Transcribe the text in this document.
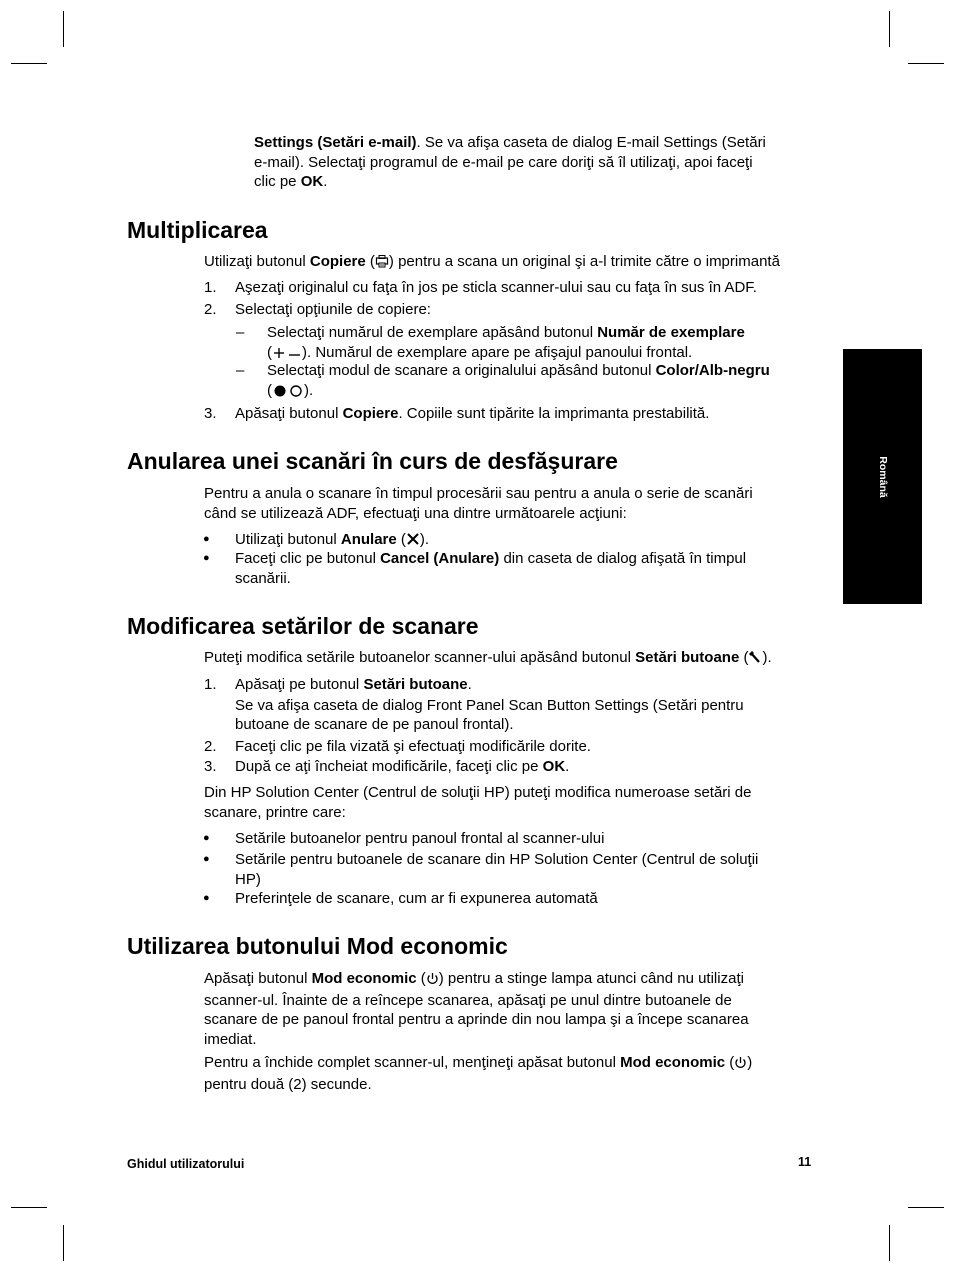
Settings (Setări e-mail). Se va afişa caseta de dialog E-mail Settings (Setări
e-mail). Selectaţi programul de e-mail pe care doriţi să îl utilizaţi, apoi faceţi
clic pe OK.
Multiplicarea
Utilizaţi butonul Copiere ( ) pentru a scana un original şi a-l trimite către o imprimantă
1. Aşezaţi originalul cu faţa în jos pe sticla scanner-ului sau cu faţa în sus în ADF.
2. Selectaţi opţiunile de copiere:
– Selectaţi numărul de exemplare apăsând butonul Număr de exemplare
( ). Numărul de exemplare apare pe afişajul panoului frontal.
– Selectaţi modul de scanare a originalului apăsând butonul Color/Alb-negru
( ).
3. Apăsaţi butonul Copiere. Copiile sunt tipărite la imprimanta prestabilită.
Anularea unei scanări în curs de desfăşurare
Pentru a anula o scanare în timpul procesării sau pentru a anula o serie de scanări
când se utilizează ADF, efectuaţi una dintre următoarele acţiuni:
● Utilizaţi butonul Anulare ( ).
● Faceţi clic pe butonul Cancel (Anulare) din caseta de dialog afişată în timpul
scanării.
Modificarea setărilor de scanare
Puteţi modifica setările butoanelor scanner-ului apăsând butonul Setări butoane ( ).
1. Apăsaţi pe butonul Setări butoane.
Se va afişa caseta de dialog Front Panel Scan Button Settings (Setări pentru
butoane de scanare de pe panoul frontal).
2. Faceţi clic pe fila vizată şi efectuaţi modificările dorite.
3. După ce aţi încheiat modificările, faceţi clic pe OK.
Din HP Solution Center (Centrul de soluţii HP) puteţi modifica numeroase setări de
scanare, printre care:
● Setările butoanelor pentru panoul frontal al scanner-ului
● Setările pentru butoanele de scanare din HP Solution Center (Centrul de soluţii
HP)
● Preferinţele de scanare, cum ar fi expunerea automată
Utilizarea butonului Mod economic
Apăsaţi butonul Mod economic ( ) pentru a stinge lampa atunci când nu utilizaţi
scanner-ul. Înainte de a reîncepe scanarea, apăsaţi pe unul dintre butoanele de
scanare de pe panoul frontal pentru a aprinde din nou lampa şi a începe scanarea
imediat.
Pentru a închide complet scanner-ul, menţineţi apăsat butonul Mod economic ( )
pentru două (2) secunde.
Română
Ghidul utilizatorului	11
